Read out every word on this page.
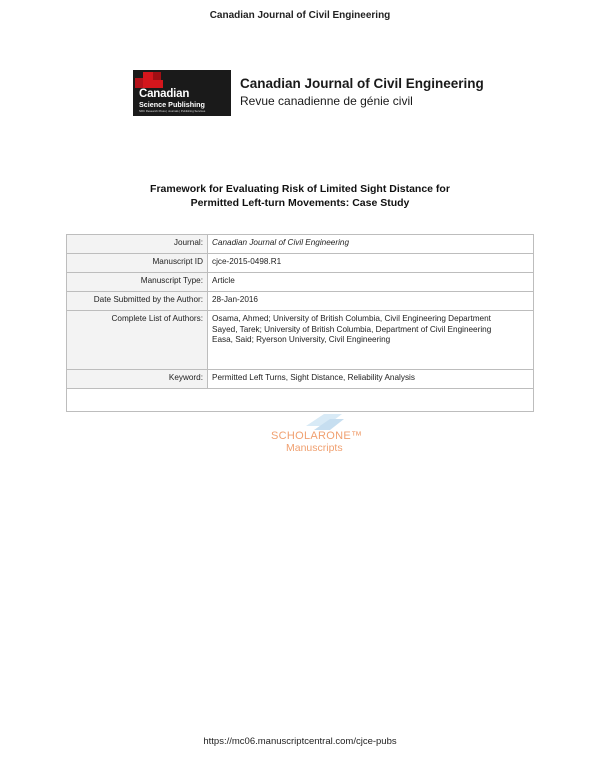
Canadian Journal of Civil Engineering
Canadian
Science Publishing
NRC Research Press | Journals | Publishing Services
Canadian Journal of Civil Engineering
Revue canadienne de génie civil
Framework for Evaluating Risk of Limited Sight Distance for
Permitted Left-turn Movements: Case Study
Journal:	Canadian Journal of Civil Engineering
Manuscript ID	cjce-2015-0498.R1
Manuscript Type:	Article
Date Submitted by the Author:	28-Jan-2016
Complete List of Authors:	Osama, Ahmed; University of British Columbia, Civil Engineering Department
Sayed, Tarek; University of British Columbia, Department of Civil Engineering
Easa, Said; Ryerson University, Civil Engineering

Keyword:	Permitted Left Turns, Sight Distance, Reliability Analysis

SCHOLARONE™
Manuscripts
https://mc06.manuscriptcentral.com/cjce-pubs
